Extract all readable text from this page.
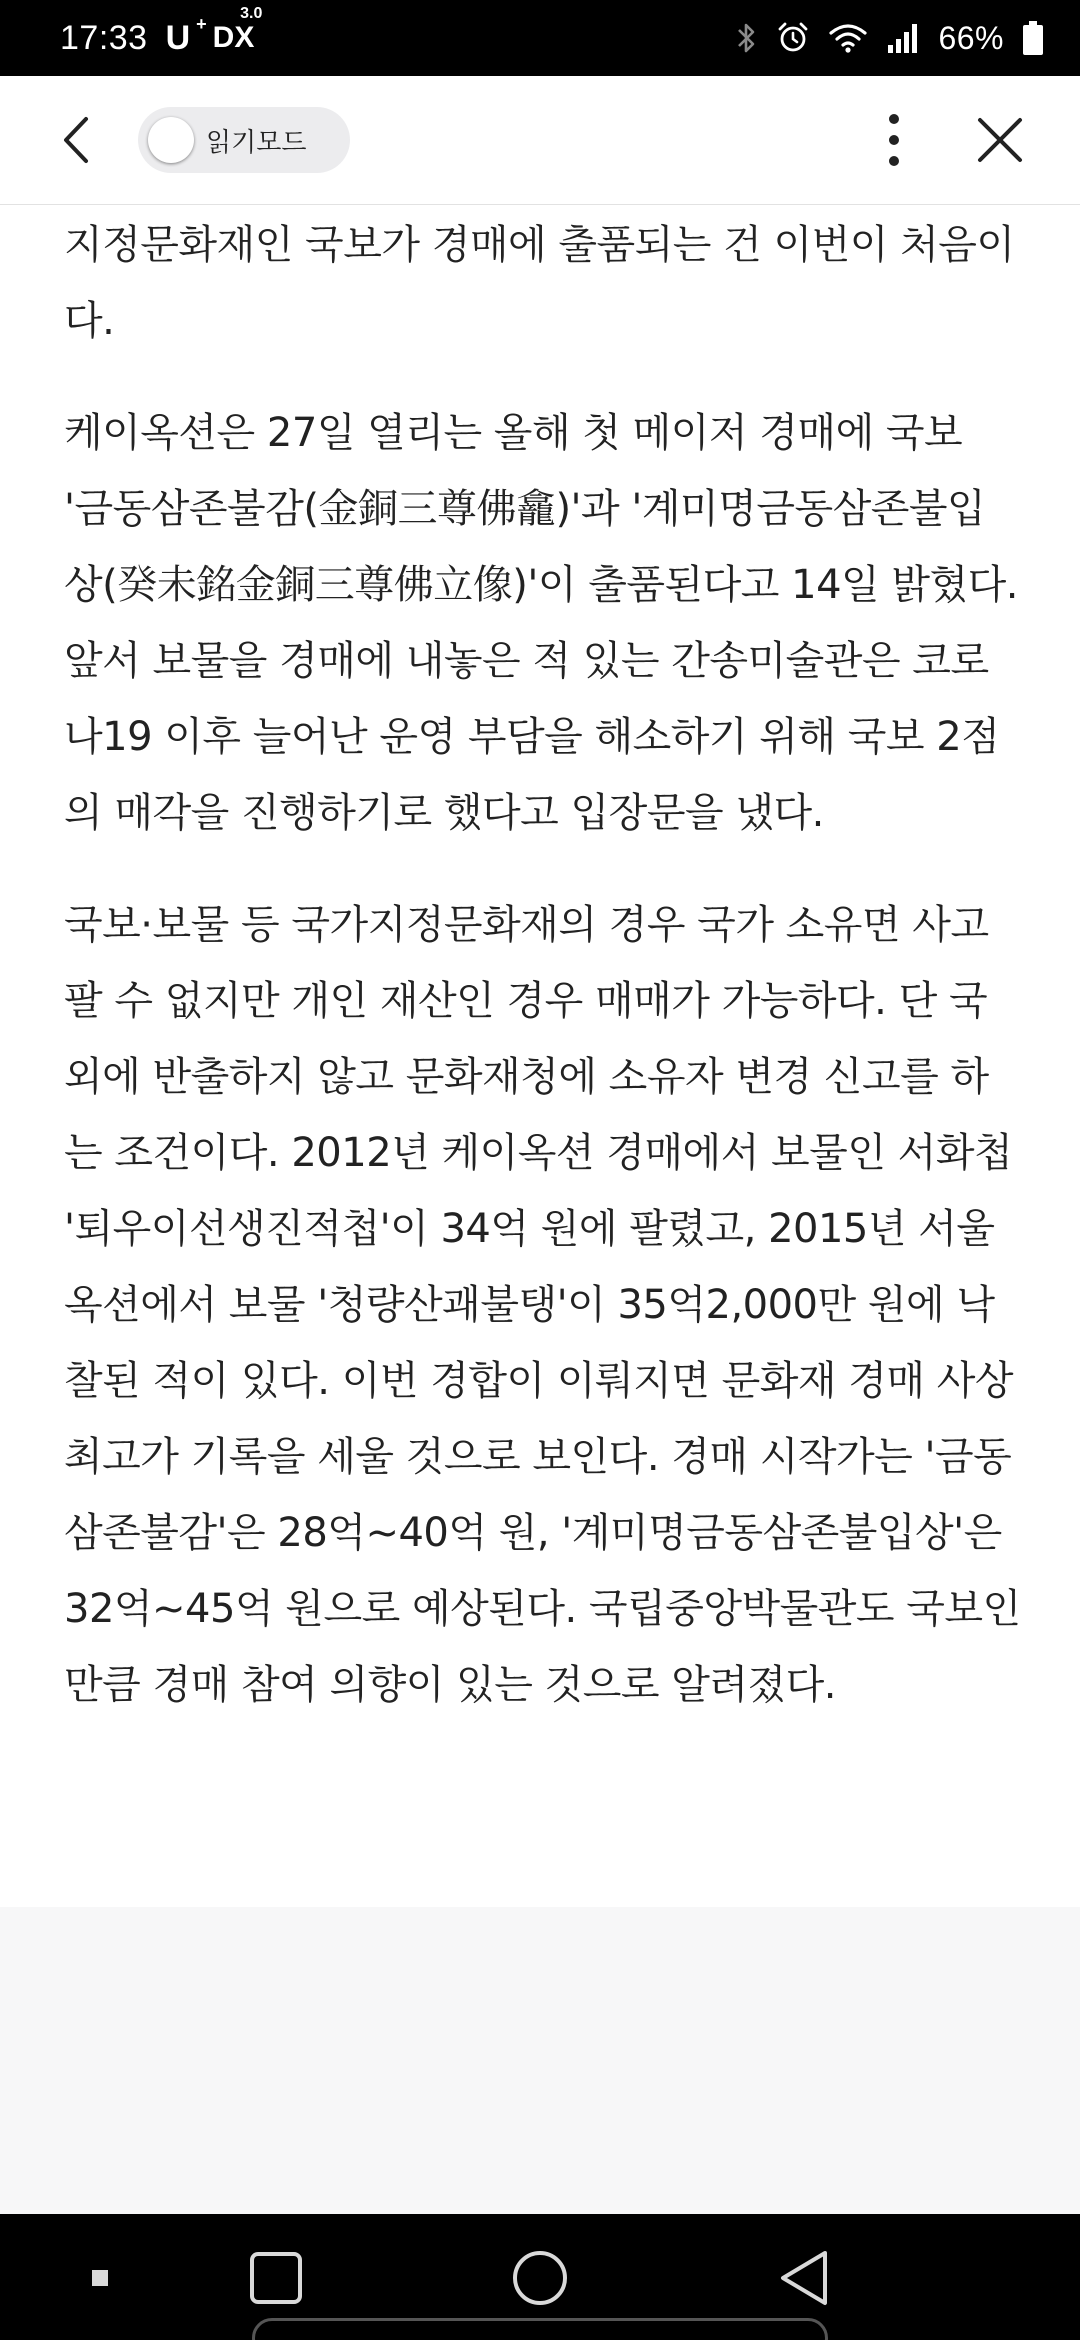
17:33 U + DX
3.0
66%
읽기모드

지정문화재인 국보가 경매에 출품되는 건 이번이 처음이다.

케이옥션은 27일 열리는 올해 첫 메이저 경매에 국보 '금동삼존불감(金銅三尊佛龕)'과 '계미명금동삼존불입상(癸未銘金銅三尊佛立像)'이 출품된다고 14일 밝혔다. 앞서 보물을 경매에 내놓은 적 있는 간송미술관은 코로나19 이후 늘어난 운영 부담을 해소하기 위해 국보 2점의 매각을 진행하기로 했다고 입장문을 냈다.

국보·보물 등 국가지정문화재의 경우 국가 소유면 사고팔 수 없지만 개인 재산인 경우 매매가 가능하다. 단 국외에 반출하지 않고 문화재청에 소유자 변경 신고를 하는 조건이다. 2012년 케이옥션 경매에서 보물인 서화첩 '퇴우이선생진적첩'이 34억 원에 팔렸고, 2015년 서울옥션에서 보물 '청량산괘불탱'이 35억2,000만 원에 낙찰된 적이 있다. 이번 경합이 이뤄지면 문화재 경매 사상 최고가 기록을 세울 것으로 보인다. 경매 시작가는 '금동삼존불감'은 28억~40억 원, '계미명금동삼존불입상'은 32억~45억 원으로 예상된다. 국립중앙박물관도 국보인 만큼 경매 참여 의향이 있는 것으로 알려졌다.
